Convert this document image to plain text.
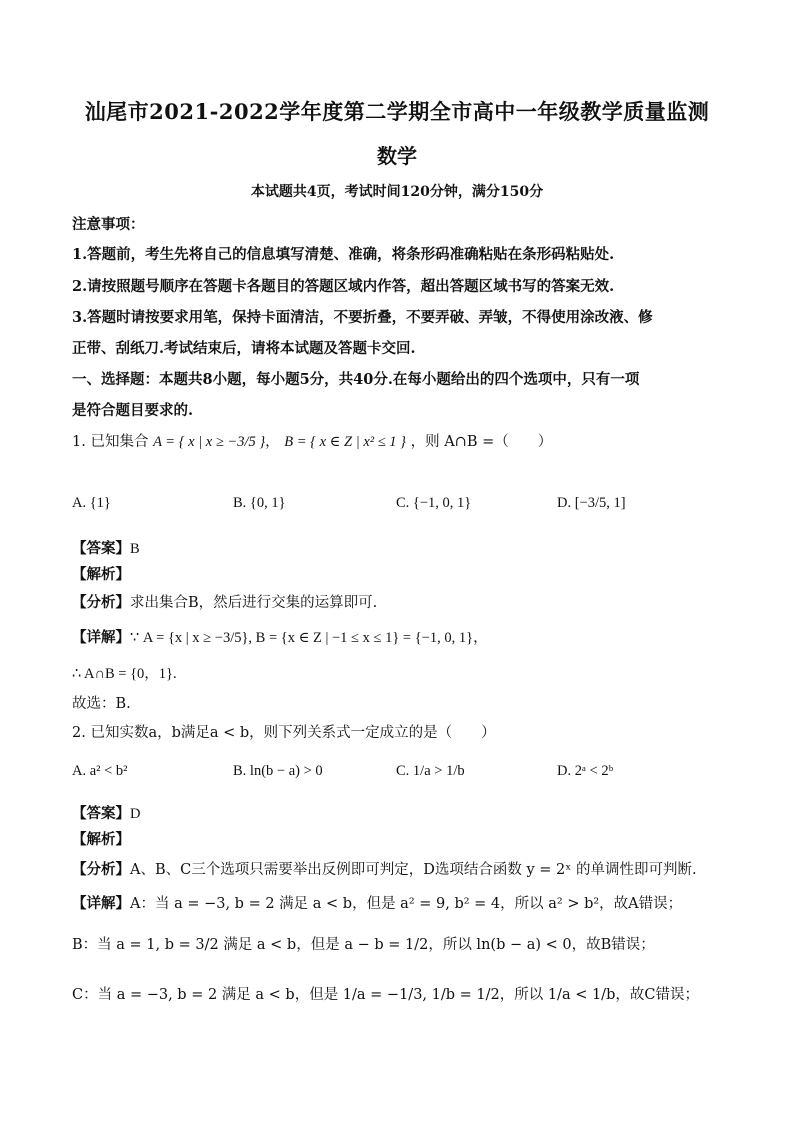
汕尾市2021-2022学年度第二学期全市高中一年级教学质量监测
数学
本试题共4页，考试时间120分钟，满分150分
注意事项：
1.答题前，考生先将自己的信息填写清楚、准确，将条形码准确粘贴在条形码粘贴处.
2.请按照题号顺序在答题卡各题目的答题区域内作答，超出答题区域书写的答案无效.
3.答题时请按要求用笔，保持卡面清洁，不要折叠，不要弄破、弄皱，不得使用涂改液、修
正带、刮纸刀.考试结束后，请将本试题及答题卡交回.
一、选择题：本题共8小题，每小题5分，共40分.在每小题给出的四个选项中，只有一项
是符合题目要求的.
1. 已知集合 A = { x | x ≥ −3/5 }， B = { x ∈ Z | x² ≤ 1 } ，则 A∩B =（　　）
A. {1}	B. {0, 1}	C. {−1, 0, 1}	D. [−3/5, 1]
【答案】B
【解析】
【分析】求出集合B，然后进行交集的运算即可.
【详解】∵ A = {x | x ≥ −3/5}, B = {x ∈ Z | −1 ≤ x ≤ 1} = {−1, 0, 1}，
∴ A∩B = {0，1}.
故选：B.
2. 已知实数a，b满足a < b，则下列关系式一定成立的是（　　）
A. a² < b²	B. ln(b − a) > 0	C. 1/a > 1/b	D. 2ᵃ < 2ᵇ
【答案】D
【解析】
【分析】A、B、C三个选项只需要举出反例即可判定，D选项结合函数 y = 2ˣ 的单调性即可判断.
【详解】A：当 a = −3, b = 2 满足 a < b，但是 a² = 9, b² = 4，所以 a² > b²，故A错误；
B：当 a = 1, b = 3/2 满足 a < b，但是 a − b = 1/2，所以 ln(b − a) < 0，故B错误；
C：当 a = −3, b = 2 满足 a < b，但是 1/a = −1/3, 1/b = 1/2，所以 1/a < 1/b，故C错误；
